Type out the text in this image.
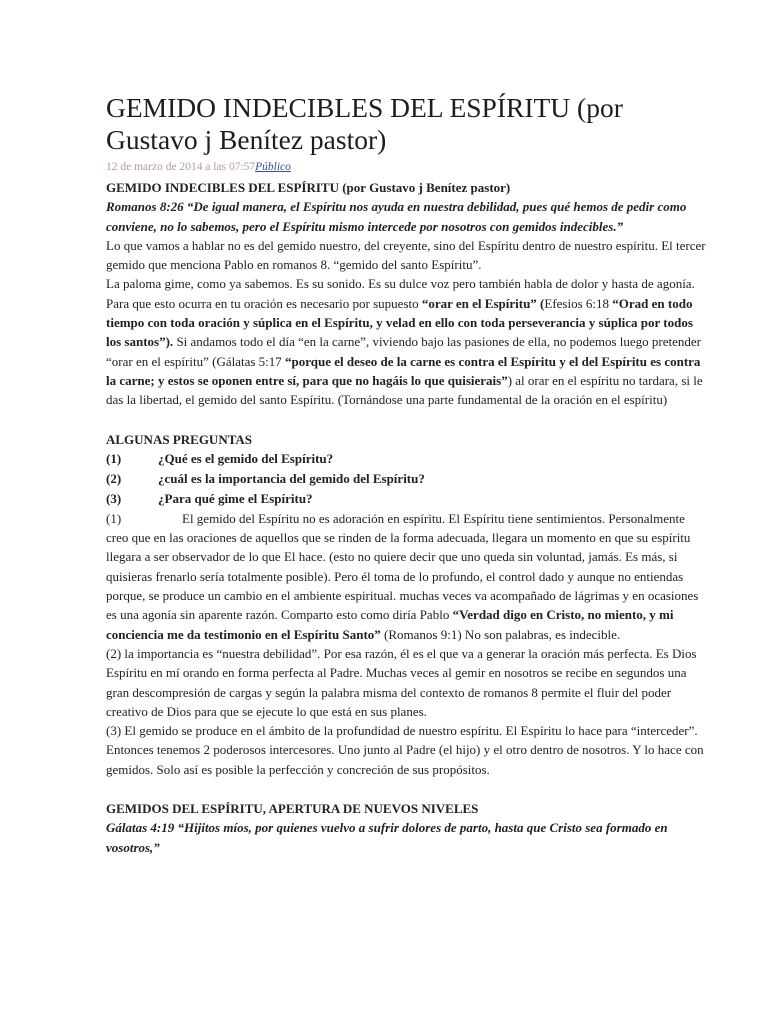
GEMIDO INDECIBLES DEL ESPÍRITU (por Gustavo j Benítez pastor)
12 de marzo de 2014 a las 07:57Público

GEMIDO INDECIBLES DEL ESPÍRITU (por Gustavo j Benítez pastor)

Romanos 8:26 “De igual manera, el Espíritu nos ayuda en nuestra debilidad, pues qué hemos de pedir como conviene, no lo sabemos, pero el Espíritu mismo intercede por nosotros con gemidos indecibles.”

Lo que vamos a hablar no es del gemido nuestro, del creyente, sino del Espíritu dentro de nuestro espíritu. El tercer gemido que menciona Pablo en romanos 8. “gemido del santo Espíritu”.

La paloma gime, como ya sabemos. Es su sonido. Es su dulce voz pero también habla de dolor y hasta de agonía.

Para que esto ocurra en tu oración es necesario por supuesto “orar en el Espíritu” (Efesios 6:18 “Orad en todo tiempo con toda oración y súplica en el Espíritu, y velad en ello con toda perseverancia y súplica por todos los santos”). Si andamos todo el día “en la carne”, viviendo bajo las pasiones de ella, no podemos luego pretender “orar en el espíritu” (Gálatas 5:17 “porque el deseo de la carne es contra el Espíritu y el del Espíritu es contra la carne; y estos se oponen entre sí, para que no hagáis lo que quisierais”) al orar en el espíritu no tardara, si le das la libertad, el gemido del santo Espíritu. (Tornándose una parte fundamental de la oración en el espíritu)

ALGUNAS PREGUNTAS

(1)	¿Qué es el gemido del Espíritu?
(2)	¿cuál es la importancia del gemido del Espíritu?
(3)	¿Para qué gime el Espíritu?

(1)	El gemido del Espíritu no es adoración en espíritu. El Espíritu tiene sentimientos. Personalmente creo que en las oraciones de aquellos que se rinden de la forma adecuada, llegara un momento en que su espíritu llegara a ser observador de lo que El hace. (esto no quiere decir que uno queda sin voluntad, jamás. Es más, si quisieras frenarlo sería totalmente posible). Pero él toma de lo profundo, el control dado y aunque no entiendas porque, se produce un cambio en el ambiente espiritual. muchas veces va acompañado de lágrimas y en ocasiones es una agonía sin aparente razón. Comparto esto como diría Pablo “Verdad digo en Cristo, no miento, y mi conciencia me da testimonio en el Espíritu Santo” (Romanos 9:1) No son palabras, es indecible.

(2) la importancia es “nuestra debilidad”. Por esa razón, él es el que va a generar la oración más perfecta. Es Dios Espíritu en mí orando en forma perfecta al Padre. Muchas veces al gemir en nosotros se recibe en segundos una gran descompresión de cargas y según la palabra misma del contexto de romanos 8 permite el fluir del poder creativo de Dios para que se ejecute lo que está en sus planes.

(3) El gemido se produce en el ámbito de la profundidad de nuestro espíritu. El Espíritu lo hace para “interceder”. Entonces tenemos 2 poderosos intercesores. Uno junto al Padre (el hijo) y el otro dentro de nosotros. Y lo hace con gemidos. Solo así es posible la perfección y concreción de sus propósitos.

GEMIDOS DEL ESPÍRITU, APERTURA DE NUEVOS NIVELES

Gálatas 4:19 “Hijitos míos, por quienes vuelvo a sufrir dolores de parto, hasta que Cristo sea formado en vosotros,”
